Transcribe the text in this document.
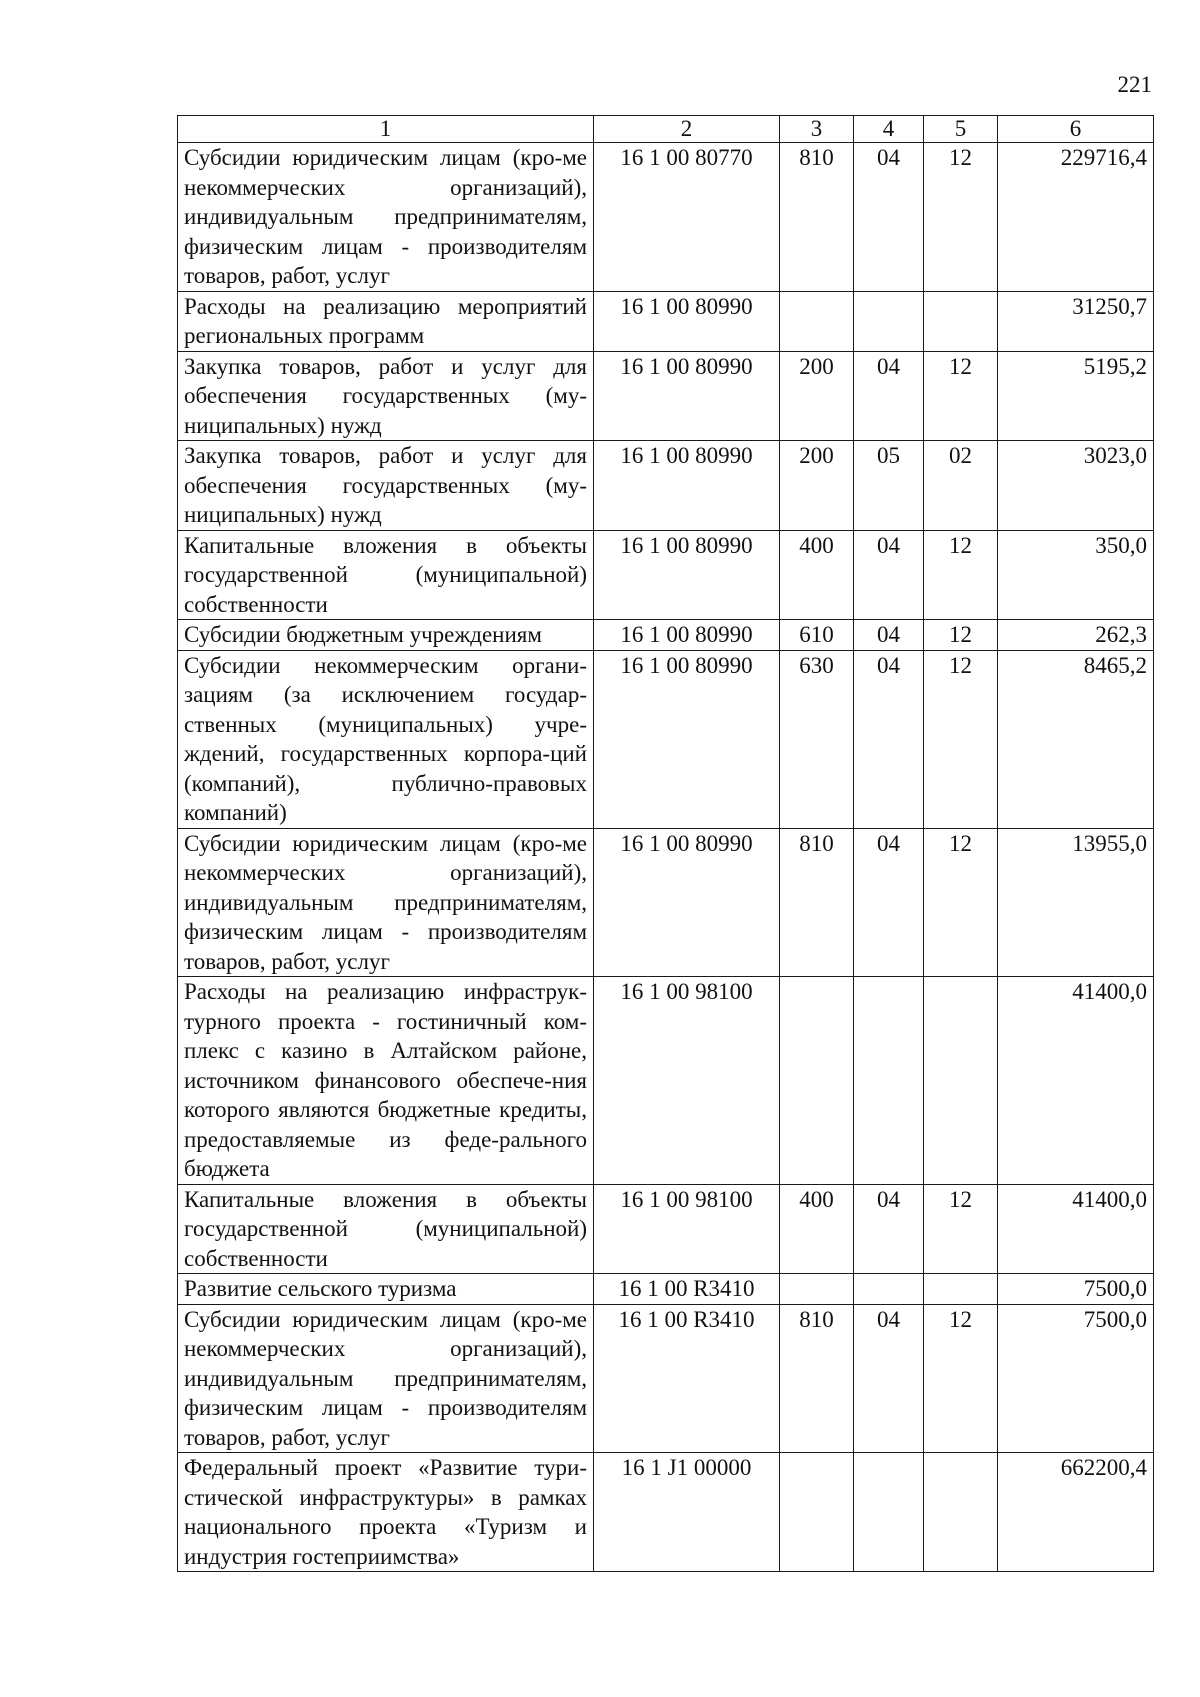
221
1	2	3	4	5	6
Субсидии юридическим лицам (кро-ме некоммерческих организаций), индивидуальным предпринимателям, физическим лицам - производителям товаров, работ, услуг	16 1 00 80770	810	04	12	229716,4
Расходы на реализацию мероприятий региональных программ	16 1 00 80990				31250,7
Закупка товаров, работ и услуг для обеспечения государственных (му-ниципальных) нужд	16 1 00 80990	200	04	12	5195,2
Закупка товаров, работ и услуг для обеспечения государственных (му-ниципальных) нужд	16 1 00 80990	200	05	02	3023,0
Капитальные вложения в объекты государственной (муниципальной) собственности	16 1 00 80990	400	04	12	350,0
Субсидии бюджетным учреждениям	16 1 00 80990	610	04	12	262,3
Субсидии некоммерческим органи-зациям (за исключением государ-ственных (муниципальных) учре-ждений, государственных корпора-ций (компаний), публично-правовых компаний)	16 1 00 80990	630	04	12	8465,2
Субсидии юридическим лицам (кро-ме некоммерческих организаций), индивидуальным предпринимателям, физическим лицам - производителям товаров, работ, услуг	16 1 00 80990	810	04	12	13955,0
Расходы на реализацию инфраструк-турного проекта - гостиничный ком-плекс с казино в Алтайском районе, источником финансового обеспече-ния которого являются бюджетные кредиты, предоставляемые из феде-рального бюджета	16 1 00 98100				41400,0
Капитальные вложения в объекты государственной (муниципальной) собственности	16 1 00 98100	400	04	12	41400,0
Развитие сельского туризма	16 1 00 R3410				7500,0
Субсидии юридическим лицам (кро-ме некоммерческих организаций), индивидуальным предпринимателям, физическим лицам - производителям товаров, работ, услуг	16 1 00 R3410	810	04	12	7500,0
Федеральный проект «Развитие тури-стической инфраструктуры» в рамках национального проекта «Туризм и индустрия гостеприимства»	16 1 J1 00000				662200,4
